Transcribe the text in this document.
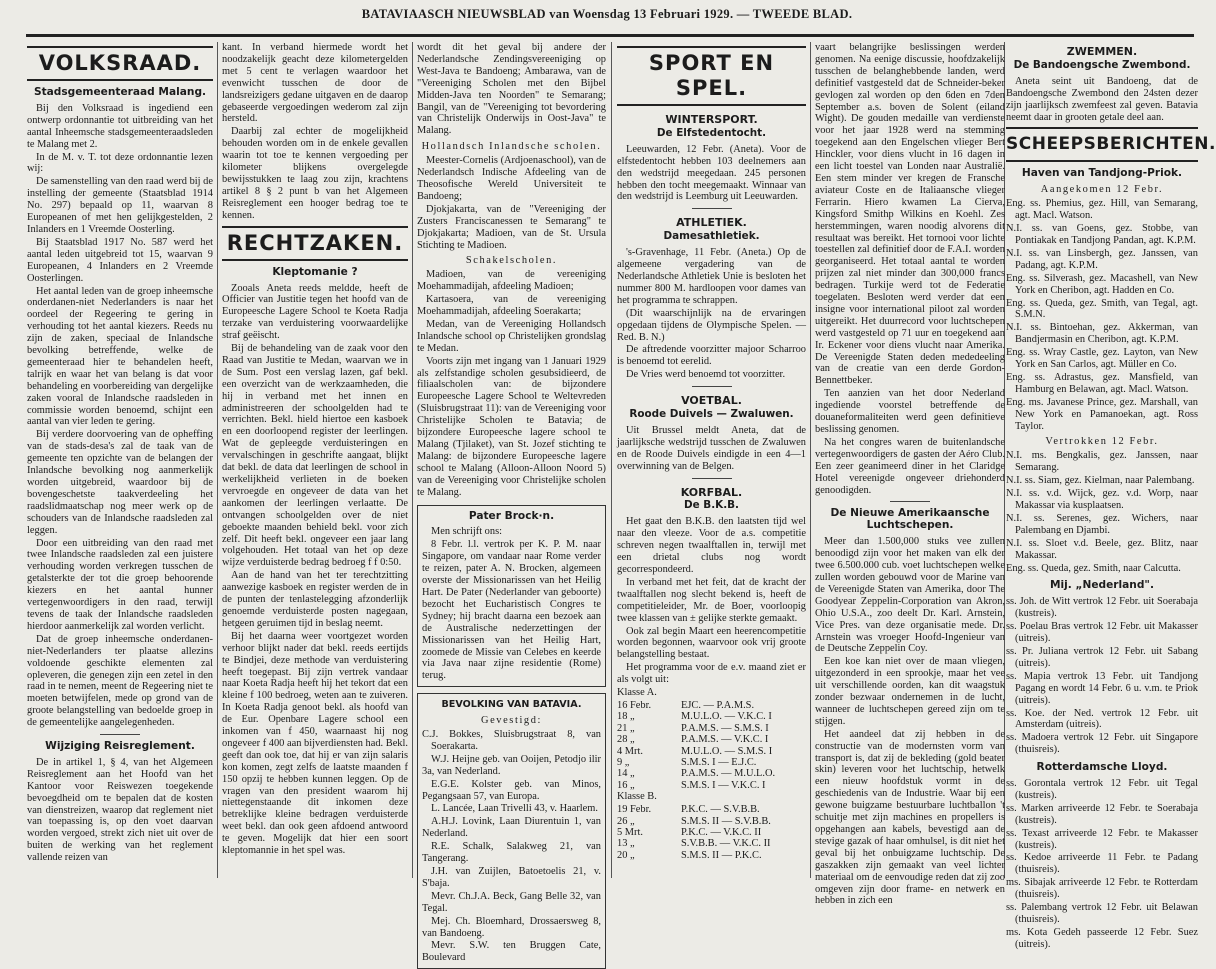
BATAVIAASCH NIEUWSBLAD van Woensdag 13 Februari 1929. — TWEEDE BLAD.
VOLKSRAAD.
Stadsgemeenteraad Malang.

Bij den Volksraad is ingediend een ontwerp ordonnantie tot uitbreiding van het aantal Inheemsche stadsgemeenteraadsleden te Malang met 2.

In de M. v. T. tot deze ordonnantie lezen wij:

De samenstelling van den raad werd bij de instelling der gemeente (Staatsblad 1914 No. 297) bepaald op 11, waarvan 8 Europeanen of met hen gelijkgestelden, 2 Inlanders en 1 Vreemde Oosterling.

Bij Staatsblad 1917 No. 587 werd het aantal leden uitgebreid tot 15, waarvan 9 Europeanen, 4 Inlanders en 2 Vreemde Oosterlingen.

Het aantal leden van de groep inheemsche onderdanen-niet Nederlanders is naar het oordeel der Regeering te gering in verhouding tot het aantal kiezers. Reeds nu zijn de zaken, speciaal de Inlandsche bevolking betreffende, welke de gemeenteraad hier te behandelen heeft, talrijk en waar het van belang is dat voor behandeling en voorbereiding van dergelijke zaken vooral de Inlandsche raadsleden in commissie worden benoemd, schijnt een aantal van vier leden te gering.

Bij verdere doorvoering van de opheffing van de stads-desa's zal de taak van de gemeente ten opzichte van de belangen der Inlandsche bevolking nog aanmerkelijk worden uitgebreid, waardoor bij de bovengeschetste taakverdeeling het raadslidmaatschap nog meer werk op de schouders van de Inlandsche raadsleden zal leggen.

Door een uitbreiding van den raad met twee Inlandsche raadsleden zal een juistere verhouding worden verkregen tusschen de getalsterkte der tot die groep behoorende kiezers en het aantal hunner vertegenwoordigers in den raad, terwijl tevens de taak der Inlandsche raadsleden hierdoor aanmerkelijk zal worden verlicht.

Dat de groep inheemsche onderdanen-niet-Nederlanders ter plaatse allezins voldoende geschikte elementen zal opleveren, die genegen zijn een zetel in den raad in te nemen, meent de Regeering niet te moeten betwijfelen, mede op grond van de groote belangstelling van bedoelde groep in de gemeentelijke aangelegenheden.

Wijziging Reisreglement.

De in artikel 1, § 4, van het Algemeen Reisreglement aan het Hoofd van het Kantoor voor Reiswezen toegekende bevoegdheid om te bepalen dat de kosten van dienstreizen, waarop dat reglement niet van toepassing is, op den voet daarvan worden vergoed, strekt zich niet uit over de buiten de werking van het reglement vallende reizen van

kant. In verband hiermede wordt het noodzakelijk geacht deze kilometergelden met 5 cent te verlagen waardoor het evenwicht tusschen de door de landsreizigers gedane uitgaven en de daarop gebaseerde vergoedingen wederom zal zijn hersteld.

Daarbij zal echter de mogelijkheid behouden worden om in de enkele gevallen waarin tot toe te kennen vergoeding per kilometer blijkens overgelegde bewijsstukken te laag zou zijn, krachtens artikel 8 § 2 punt b van het Algemeen Reisreglement een hooger bedrag toe te kennen.

RECHTZAKEN.
Kleptomanie ?

Zooals Aneta reeds meldde, heeft de Officier van Justitie tegen het hoofd van de Europeesche Lagere School te Koeta Radja terzake van verduistering voorwaardelijke straf geëischt.

Bij de behandeling van de zaak voor den Raad van Justitie te Medan, waarvan we in de Sum. Post een verslag lazen, gaf bekl. een overzicht van de werkzaamheden, die hij in verband met het innen en administreeren der schoolgelden had te verrichten. Bekl. hield hiertoe een kasboek en een doorloopend register der leerlingen. Wat de gepleegde verduisteringen en vervalschingen in geschrifte aangaat, blijkt dat bekl. de data dat leerlingen de school in werkelijkheid verlieten in de boeken vervroegde en ongeveer de data van het aankomen der leerlingen verlaatte. De ontvangen schoolgelden over de niet geboekte maanden behield bekl. voor zich zelf. Dit heeft bekl. ongeveer een jaar lang volgehouden. Het totaal van het op deze wijze verduisterde bedrag bedroeg f f 0:50.

Aan de hand van het ter terechtzitting aanwezige kasboek en register werden de in de punten der tenlastelegging afzonderlijk genoemde verduisterde posten nagegaan, hetgeen geruimen tijd in beslag neemt.

Bij het daarna weer voortgezet worden verhoor blijkt nader dat bekl. reeds eertijds te Bindjei, deze methode van verduistering heeft toegepast. Bij zijn vertrek vandaar naar Koeta Radja heeft hij het tekort dat een kleine f 100 bedroeg, weten aan te zuiveren. In Koeta Radja genoot bekl. als hoofd van de Eur. Openbare Lagere school een inkomen van f 450, waarnaast hij nog ongeveer f 400 aan bijverdiensten had. Bekl. geeft dan ook toe, dat hij er van zijn salaris kon komen, zegt zelfs de laatste maanden f 150 opzij te hebben kunnen leggen. Op de vragen van den president waarom hij niettegenstaande dit inkomen deze betreklijke kleine bedragen verduisterde weet bekl. dan ook geen afdoend antwoord te geven. Mogelijk dat hier een soort kleptomannie in het spel was.

wordt dit het geval bij andere der Nederlandsche Zendingsvereeniging op West-Java te Bandoeng; Ambarawa, van de "Vereeniging Scholen met den Bijbel Midden-Java ten Noorden" te Semarang; Bangil, van de "Vereeniging tot bevordering van Christelijk Onderwijs in Oost-Java" te Malang.

Hollandsch Inlandsche scholen.

Meester-Cornelis (Ardjoenaschool), van de Nederlandsch Indische Afdeeling van de Theosofische Wereld Universiteit te Bandoeng;

Djokjakarta, van de "Vereeniging der Zusters Franciscanessen te Semarang" te Djokjakarta; Madioen, van de St. Ursula Stichting te Madioen.

Schakelscholen.

Madioen, van de vereeniging Moehammadijah, afdeeling Madioen;

Kartasoera, van de vereeniging Moehammadijah, afdeeling Soerakarta;

Medan, van de Vereeniging Hollandsch Inlandsche school op Christelijken grondslag te Medan.

Voorts zijn met ingang van 1 Januari 1929 als zelfstandige scholen gesubsidieerd, de filiaalscholen van: de bijzondere Europeesche Lagere School te Weltevreden (Sluisbrugstraat 11): van de Vereeniging voor Christelijke Scholen te Batavia; de bijzondere Europeesche lagere school te Malang (Tjilaket), van St. Jozef stichting te Malang: de bijzondere Europeesche lagere school te Malang (Alloon-Alloon Noord 5) van de Vereeniging voor Christelijke scholen te Malang.

Pater Brock·n.

Men schrijft ons:

8 Febr. l.l. vertrok per K. P. M. naar Singapore, om vandaar naar Rome verder te reizen, pater A. N. Brocken, algemeen overste der Missionarissen van het Heilig Hart. De Pater (Nederlander van geboorte) bezocht het Eucharistisch Congres te Sydney; hij bracht daarna een bezoek aan de Australische nederzettingen der Missionarissen van het Heilig Hart, zoomede de Missie van Celebes en keerde via Java naar zijne residentie (Rome) terug.

BEVOLKING VAN BATAVIA.
Gevestigd:

C.J. Bokkes, Sluisbrugstraat 8, van Soerakarta.

W.J. Heijne geb. van Ooijen, Petodjo ilir 3a, van Nederland.

E.G.E. Kolster geb. van Minos, Pegangsaan 57, van Europa.

L. Lancée, Laan Trivelli 43, v. Haarlem.

A.H.J. Lovink, Laan Diurentuin 1, van Nederland.

R.E. Schalk, Salakweg 21, van Tangerang.

J.H. van Zuijlen, Batoetoelis 21, v. S'baja.

Mevr. Ch.J.A. Beck, Gang Belle 32, van Tegal.

Mej. Ch. Bloemhard, Drossaersweg 8, van Bandoeng.

Mevr. S.W. ten Bruggen Cate, Boulevard

SPORT EN SPEL.
WINTERSPORT.
De Elfstedentocht.

Leeuwarden, 12 Febr. (Aneta). Voor de elfstedentocht hebben 103 deelnemers aan den wedstrijd meegedaan. 245 personen hebben den tocht meegemaakt. Winnaar van den wedstrijd is Leemburg uit Leeuwarden.

ATHLETIEK.
Damesathletiek.

's-Gravenhage, 11 Febr. (Aneta.) Op de algemeene vergadering van de Nederlandsche Athletiek Unie is besloten het nummer 800 M. hardloopen voor dames van het programma te schrappen.

(Dit waarschijnlijk na de ervaringen opgedaan tijdens de Olympische Spelen. — Red. B. N.)

De aftredende voorzitter majoor Scharroo is benoemd tot eerelid.

De Vries werd benoemd tot voorzitter.

VOETBAL.
Roode Duivels — Zwaluwen.

Uit Brussel meldt Aneta, dat de jaarlijksche wedstrijd tusschen de Zwaluwen en de Roode Duivels eindigde in een 4—1 overwinning van de Belgen.

KORFBAL.
De B.K.B.

Het gaat den B.K.B. den laatsten tijd wel naar den vleeze. Voor de a.s. competitie schreven negen twaalftallen in, terwijl met een drietal clubs nog wordt gecorrespondeerd.

In verband met het feit, dat de kracht der twaalftallen nog slecht bekend is, heeft de competitieleider, Mr. de Boer, voorloopig twee klassen van ± gelijke sterkte gemaakt.

Ook zal begin Maart een heerencompetitie worden begonnen, waarvoor ook vrij groote belangstelling bestaat.

Het programma voor de e.v. maand ziet er als volgt uit:

Klasse A.

16 Febr.	EJC. — P.A.M.S.
18 „	M.U.L.O. — V.K.C. I
21 „	P.A.M.S. — S.M.S. I
28 „	P.A.M.S. — V.K.C. I
4 Mrt.	M.U.L.O. — S.M.S. I
9 „	S.M.S. I — E.J.C.
14 „	P.A.M.S. — M.U.L.O.
16 „	S.M.S. I — V.K.C. I

Klasse B.

19 Febr.	P.K.C. — S.V.B.B.
26 „	S.M.S. II — S.V.B.B.
5 Mrt.	P.K.C. — V.K.C. II
13 „	S.V.B.B. — V.K.C. II
20 „	S.M.S. II — P.K.C.

vaart belangrijke beslissingen werden genomen. Na eenige discussie, hoofdzakelijk tusschen de belanghebbende landen, werd definitief vastgesteld dat de Schneider-beker gevlogen zal worden op den 6den en 7den September a.s. boven de Solent (eiland Wight). De gouden medaille van verdienste voor het jaar 1928 werd na stemming toegekend aan den Engelschen vlieger Bert Hinckler, voor diens vlucht in 16 dagen in een licht toestel van Londen naar Australië. Een stem minder ver kregen de Fransche aviateur Coste en de Italiaansche vlieger Ferrarin. Hiero kwamen La Cierva, Kingsford Smithp Wilkins en Koehl. Zes herstemmingen, waren noodig alvorens dit resultaat was bereikt. Het tornooi voor lichte toestellen zal definitief door de F.A.I. worden georganiseerd. Het totaal aantal te worden prijzen zal niet minder dan 300,000 francs bedragen. Turkije werd tot de Federatie toegelaten. Besloten werd verder dat een insigne voor international piloot zal worden uitgereikt. Het duurrecord voor luchtschepen werd vastgesteld op 71 uur en toegekend aan Ir. Eckener voor diens vlucht naar Amerika. De Vereenigde Staten deden mededeeling van de creatie van een derde Gordon-Bennettbeker.

Ten aanzien van het door Nederland ingediende voorstel betreffende de douaneformaliteiten werd geen definitieve beslissing genomen.

Na het congres waren de buitenlandsche vertegenwoordigers de gasten der Aéro Club. Een zeer geanimeerd diner in het Claridge Hotel vereenigde ongeveer driehonderd genoodigden.

De Nieuwe Amerikaansche Luchtschepen.

Meer dan 1.500,000 stuks vee zullen benoodigd zijn voor het maken van elk der twee 6.500.000 cub. voet luchtschepen welke zullen worden gebouwd voor de Marine van de Vereenigde Staten van Amerika, door The Goodyear Zeppelin-Corporation van Akron, Ohio U.S.A., zoo deelt Dr. Karl. Arnstein, Vice Pres. van deze organisatie mede. Dr. Arnstein was vroeger Hoofd-Ingenieur van de Deutsche Zeppelin Coy.

Een koe kan niet over de maan vliegen, uitgezonderd in een sprookje, maar het vee uit verschillende oorden, kan dit waagstuk zonder bezwaar ondernemen in de lucht, wanneer de luchtschepen gereed zijn om te stijgen.

Het aandeel dat zij hebben in de constructie van de modernsten vorm van transport is, dat zij de bekleding (gold beater skin) leveren voor het luchtschip, hetwelk een nieuw hoofdstuk vormt in de geschiedenis van de Industrie. Waar bij een gewone buigzame bestuurbare luchtballon 't schuitje met zijn machines en propellers is opgehangen aan kabels, bevestigd aan de stevige gazak of haar omhulsel, is dit niet het geval bij het onbuigzame luchtschip. De gaszakken zijn gemaakt van veel lichter materiaal om de eenvoudige reden dat zij zoo omgeven zijn door frame- en netwerk en hebben in zich een

ZWEMMEN.
De Bandoengsche Zwembond.

Aneta seint uit Bandoeng, dat de Bandoengsche Zwembond den 24sten dezer zijn jaarlijksch zwemfeest zal geven. Batavia neemt daar in grooten getale deel aan.

SCHEEPSBERICHTEN.
Haven van Tandjong-Priok.
Aangekomen 12 Febr.

Eng. ss. Phemius, gez. Hill, van Semarang, agt. Macl. Watson.

N.I. ss. van Goens, gez. Stobbe, van Pontiakak en Tandjong Pandan, agt. K.P.M.

N.I. ss. van Linsbergh, gez. Janssen, van Padang, agt. K.P.M.

Eng. ss. Silverash, gez. Macashell, van New York en Cheribon, agt. Hadden en Co.

Eng. ss. Queda, gez. Smith, van Tegal, agt. S.M.N.

N.I. ss. Bintoehan, gez. Akkerman, van Bandjermasin en Cheribon, agt. K.P.M.

Eng. ss. Wray Castle, gez. Layton, van New York en San Carlos, agt. Müller en Co.

Eng. ss. Adrastus, gez. Mansfield, van Hamburg en Belawan, agt. Macl. Watson.

Eng. ms. Javanese Prince, gez. Marshall, van New York en Pamanoekan, agt. Ross Taylor.

Vertrokken 12 Febr.

N.I. ms. Bengkalis, gez. Janssen, naar Semarang.

N.I. ss. Siam, gez. Kielman, naar Palembang.

N.I. ss. v.d. Wijck, gez. v.d. Worp, naar Makassar via kusplaatsen.

N.I. ss. Serenes, gez. Wichers, naar Palembang en Djambi.

N.I. ss. Sloet v.d. Beele, gez. Blitz, naar Makassar.

Eng. ss. Queda, gez. Smith, naar Calcutta.

Mij. „Nederland".

ss. Joh. de Witt vertrok 12 Febr. uit Soerabaja (kustreis).

ss. Poelau Bras vertrok 12 Febr. uit Makasser (uitreis).

ss. Pr. Juliana vertrok 12 Febr. uit Sabang (uitreis).

ss. Mapia vertrok 13 Febr. uit Tandjong Pagang en wordt 14 Febr. 6 u. v.m. te Priok (uitreis).

ss. Koe. der Ned. vertrok 12 Febr. uit Amsterdam (uitreis).

ss. Madoera vertrok 12 Febr. uit Singapore (thuisreis).

Rotterdamsche Lloyd.

ss. Gorontala vertrok 12 Febr. uit Tegal (kustreis).

ss. Marken arriveerde 12 Febr. te Soerabaja (kustreis).

ss. Texast arriveerde 12 Febr. te Makasser (kustreis).

ss. Kedoe arriveerde 11 Febr. te Padang (thuisreis).

ms. Sibajak arriveerde 12 Febr. te Rotterdam (thuisreis).

ss. Palembang vertrok 12 Febr. uit Belawan (thuisreis).

ms. Kota Gedeh passeerde 12 Febr. Suez (uitreis).
